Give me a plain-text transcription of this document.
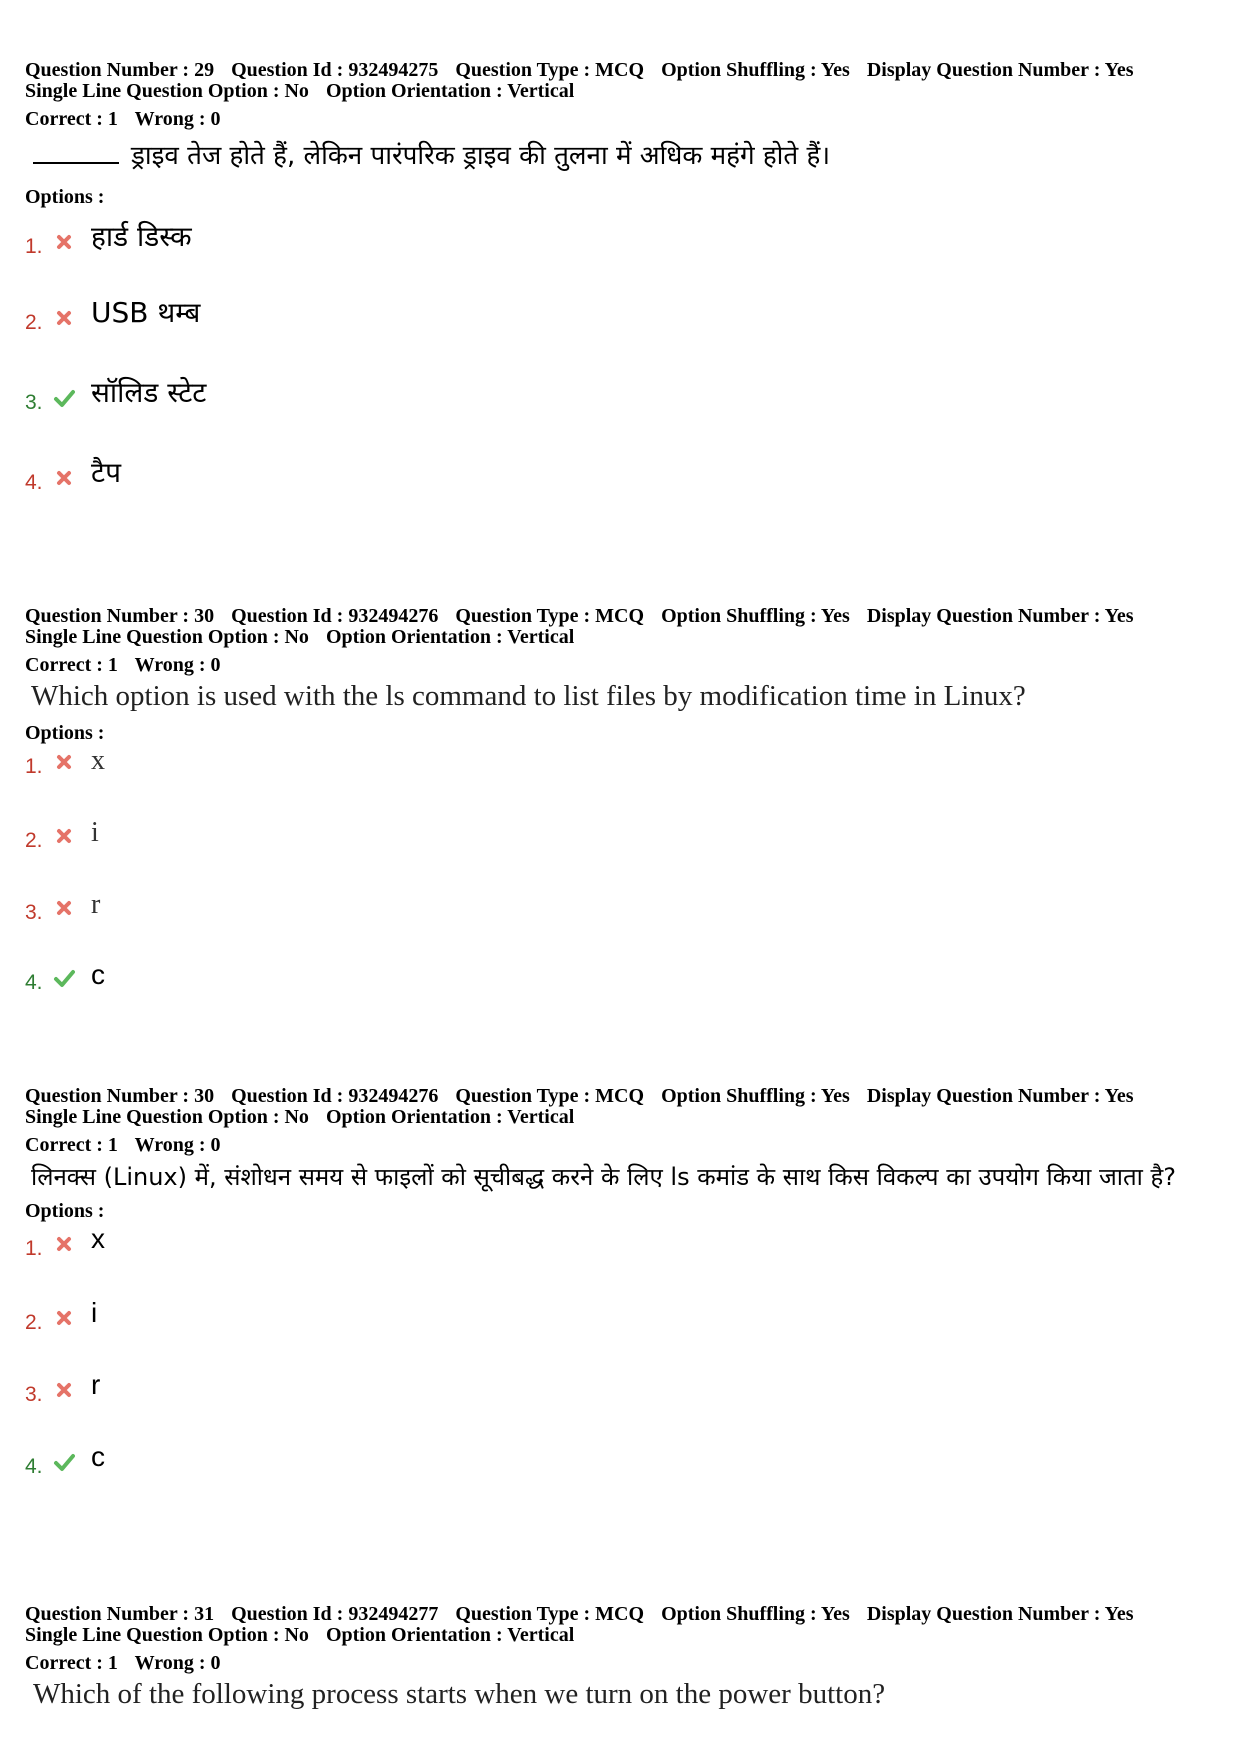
Question Number : 29 Question Id : 932494275 Question Type : MCQ Option Shuffling : Yes Display Question Number : Yes
Single Line Question Option : No Option Orientation : Vertical
Correct : 1 Wrong : 0
ड्राइव तेज होते हैं, लेकिन पारंपरिक ड्राइव की तुलना में अधिक महंगे होते हैं।
Options :
1. हार्ड डिस्क
2. USB थम्ब
3. सॉलिड स्टेट
4. टैप
Question Number : 30 Question Id : 932494276 Question Type : MCQ Option Shuffling : Yes Display Question Number : Yes
Single Line Question Option : No Option Orientation : Vertical
Correct : 1 Wrong : 0
Which option is used with the ls command to list files by modification time in Linux?
Options :
1. x
2. i
3. r
4. c
Question Number : 30 Question Id : 932494276 Question Type : MCQ Option Shuffling : Yes Display Question Number : Yes
Single Line Question Option : No Option Orientation : Vertical
Correct : 1 Wrong : 0
लिनक्स (Linux) में, संशोधन समय से फाइलों को सूचीबद्ध करने के लिए ls कमांड के साथ किस विकल्प का उपयोग किया जाता है?
Options :
1. x
2. i
3. r
4. c
Question Number : 31 Question Id : 932494277 Question Type : MCQ Option Shuffling : Yes Display Question Number : Yes
Single Line Question Option : No Option Orientation : Vertical
Correct : 1 Wrong : 0
Which of the following process starts when we turn on the power button?
